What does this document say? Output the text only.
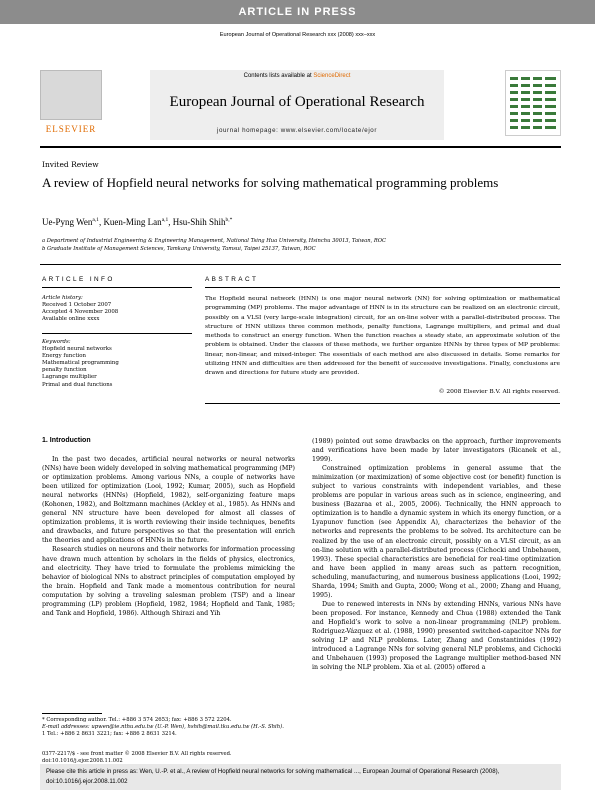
ARTICLE IN PRESS
European Journal of Operational Research xxx (2008) xxx–xxx
ELSEVIER
Contents lists available at ScienceDirect
European Journal of Operational Research
journal homepage: www.elsevier.com/locate/ejor
Invited Review
A review of Hopfield neural networks for solving mathematical programming problems
Ue-Pyng Wen$^{a,1}$, Kuen-Ming Lan$^{a,1}$, Hsu-Shih Shih$^{b,*}$
a Department of Industrial Engineering & Engineering Management, National Tsing Hua University, Hsinchu 30013, Taiwan, ROC
b Graduate Institute of Management Sciences, Tamkang University, Tamsui, Taipei 25137, Taiwan, ROC
ARTICLE INFO	ABSTRACT
Article history:
Received 1 October 2007
Accepted 4 November 2008
Available online xxxx
Keywords:
Hopfield neural networks
Energy function
Mathematical programming
penalty function
Lagrange multiplier
Primal and dual functions
The Hopfield neural network (HNN) is one major neural network (NN) for solving optimization or mathematical programming (MP) problems. The major advantage of HNN is in its structure can be realized on an electronic circuit, possibly on a VLSI (very large-scale integration) circuit, for an on-line solver with a parallel-distributed process. The structure of HNN utilizes three common methods, penalty functions, Lagrange multipliers, and primal and dual methods to construct an energy function. When the function reaches a steady state, an approximate solution of the problem is obtained. Under the classes of these methods, we further organize HNNs by three types of MP problems: linear, non-linear, and mixed-integer. The essentials of each method are also discussed in details. Some remarks for utilizing HNN and difficulties are then addressed for the benefit of successive investigations. Finally, conclusions are drawn and directions for future study are provided.
© 2008 Elsevier B.V. All rights reserved.
1. Introduction

In the past two decades, artificial neural networks or neural networks (NNs) have been widely developed in solving mathematical programming (MP) or optimization problems. Among various NNs, a couple of networks have been utilized for optimization (Looi, 1992; Kumar, 2005), such as Hopfield neural networks (HNNs) (Hopfield, 1982), self-organizing feature maps (Kohonen, 1982), and Boltzmann machines (Ackley et al., 1985). As HNNs and general NN structure have been developed for almost all classes of optimization problems, it is worth reviewing their inside techniques, benefits and drawbacks, and future perspectives so that the presentation will enrich the theories and applications of HNNs in the future.

Research studies on neurons and their networks for information processing have drawn much attention by scholars in the fields of physics, electronics, and electricity. They have tried to formulate the problems mimicking the behavior of biological NNs to abstract principles of computation employed by the brain. Hopfield and Tank made a momentous contribution for neural computation by solving a traveling salesman problem (TSP) and a linear programming (LP) problem (Hopfield, 1982, 1984; Hopfield and Tank, 1985; and Tank and Hopfield, 1986). Although Shirazi and Yih

(1989) pointed out some drawbacks on the approach, further improvements and verifications have been made by later investigators (Ricanek et al., 1999).

Constrained optimization problems in general assume that the minimization (or maximization) of some objective cost (or benefit) function is subject to various constraints with independent variables, and these problems are popular in various areas such as in science, engineering, and business (Bazaraa et al., 2005, 2006). Technically, the HNN approach to optimization is to handle a dynamic system in which its energy function, or a Lyapunov function (see Appendix A), characterizes the behavior of the networks and represents the problems to be solved. Its architecture can be realized by the use of an electronic circuit, possibly on a VLSI circuit, as an on-line solution with a parallel-distributed process (Cichocki and Unbehauen, 1993). These special characteristics are beneficial for real-time optimization and have been applied in many areas such as pattern recognition, scheduling, manufacturing, and numerous business applications (Looi, 1992; Sharda, 1994; Smith and Gupta, 2000; Wong et al., 2000; Zhang and Huang, 1995).

Due to renewed interests in NNs by extending HNNs, various NNs have been proposed. For instance, Kennedy and Chua (1988) extended the Tank and Hopfield’s work to solve a non-linear programming (NLP) problem. Rodriguez-Vázquez et al. (1988, 1990) presented switched-capacitor NNs for solving LP and NLP problems. Later, Zhang and Constantinides (1992) introduced a Lagrange NNs for solving general NLP problems, and Cichocki and Unbehauen (1993) proposed the Lagrange multiplier method-based NN in solving the NLP problem. Xia et al. (2005) offered a

* Corresponding author. Tel.: +886 3 574 2653; fax: +886 3 572 2204.
E-mail addresses: upwen@ie.nthu.edu.tw (U.-P. Wen), hshih@mail.tku.edu.tw (H.-S. Shih).
1 Tel.: +886 2 8631 3221; fax: +886 2 8631 3214.
0377-2217/$ - see front matter © 2008 Elsevier B.V. All rights reserved.
doi:10.1016/j.ejor.2008.11.002
Please cite this article in press as: Wen, U.-P. et al., A review of Hopfield neural networks for solving mathematical ..., European Journal of Operational Research (2008), doi:10.1016/j.ejor.2008.11.002
